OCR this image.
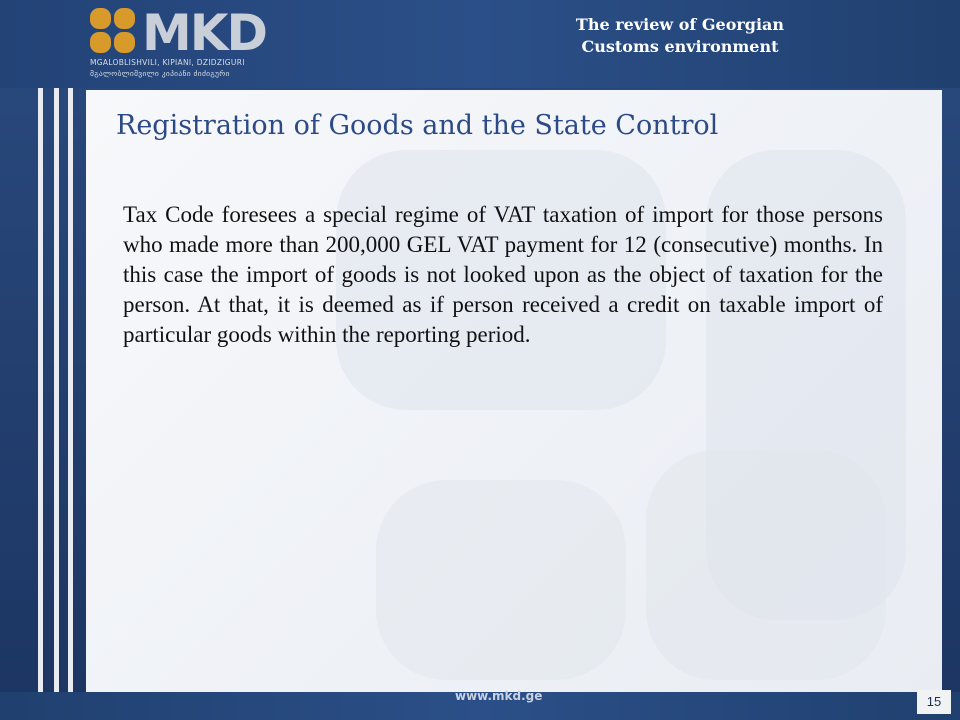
MKD
MGALOBLISHVILI, KIPIANI, DZIDZIGURI
მგალობლიშვილი კიპიანი ძიძიგური
The review of Georgian
Customs environment
Registration of Goods and the State Control
Tax Code foresees a special regime of VAT taxation of import for those persons who made more than 200,000 GEL VAT payment for 12 (consecutive) months. In this case the import of goods is not looked upon as the object of taxation for the person. At that, it is deemed as if person received a credit on taxable import of particular goods within the reporting period.
www.mkd.ge	15
